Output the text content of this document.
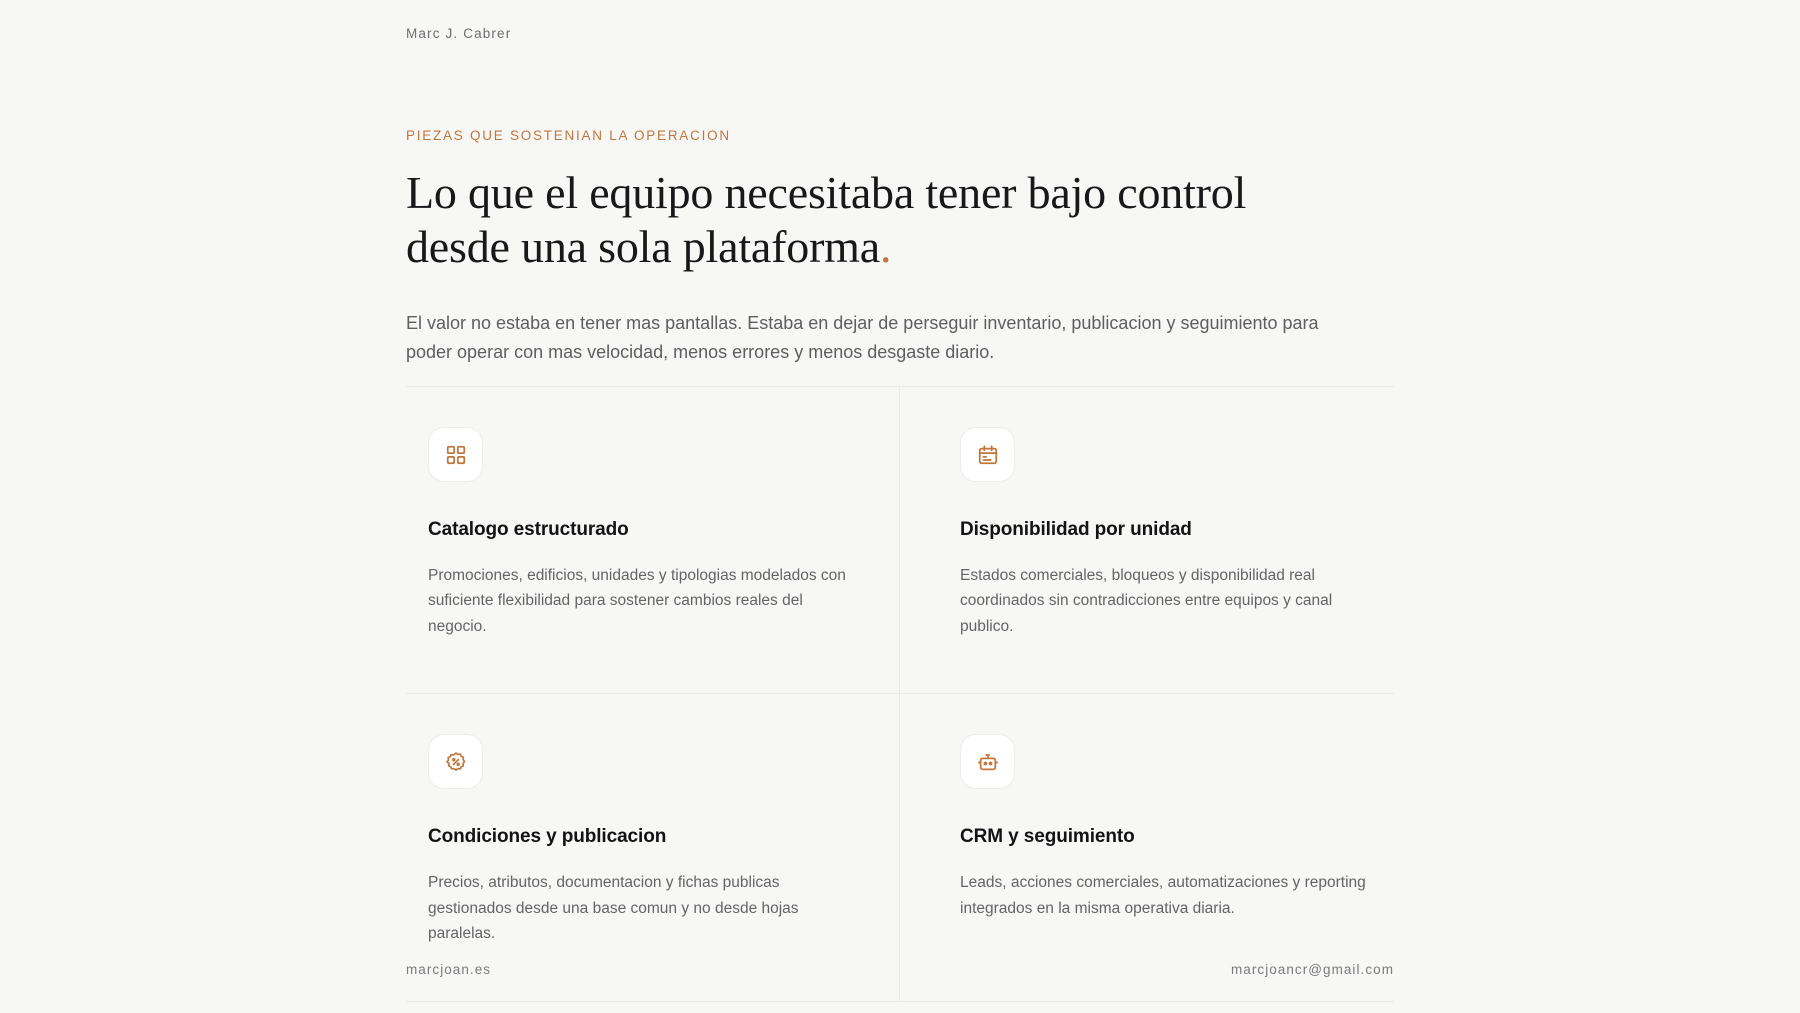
Marc J. Cabrer
PIEZAS QUE SOSTENIAN LA OPERACION
Lo que el equipo necesitaba tener bajo control desde una sola plataforma.

El valor no estaba en tener mas pantallas. Estaba en dejar de perseguir inventario, publicacion y seguimiento para poder operar con mas velocidad, menos errores y menos desgaste diario.

Catalogo estructurado

Promociones, edificios, unidades y tipologias modelados con suficiente flexibilidad para sostener cambios reales del negocio.

Disponibilidad por unidad

Estados comerciales, bloqueos y disponibilidad real coordinados sin contradicciones entre equipos y canal publico.

Condiciones y publicacion

Precios, atributos, documentacion y fichas publicas gestionados desde una base comun y no desde hojas paralelas.

CRM y seguimiento

Leads, acciones comerciales, automatizaciones y reporting integrados en la misma operativa diaria.

marcjoan.es	marcjoancr@gmail.com
